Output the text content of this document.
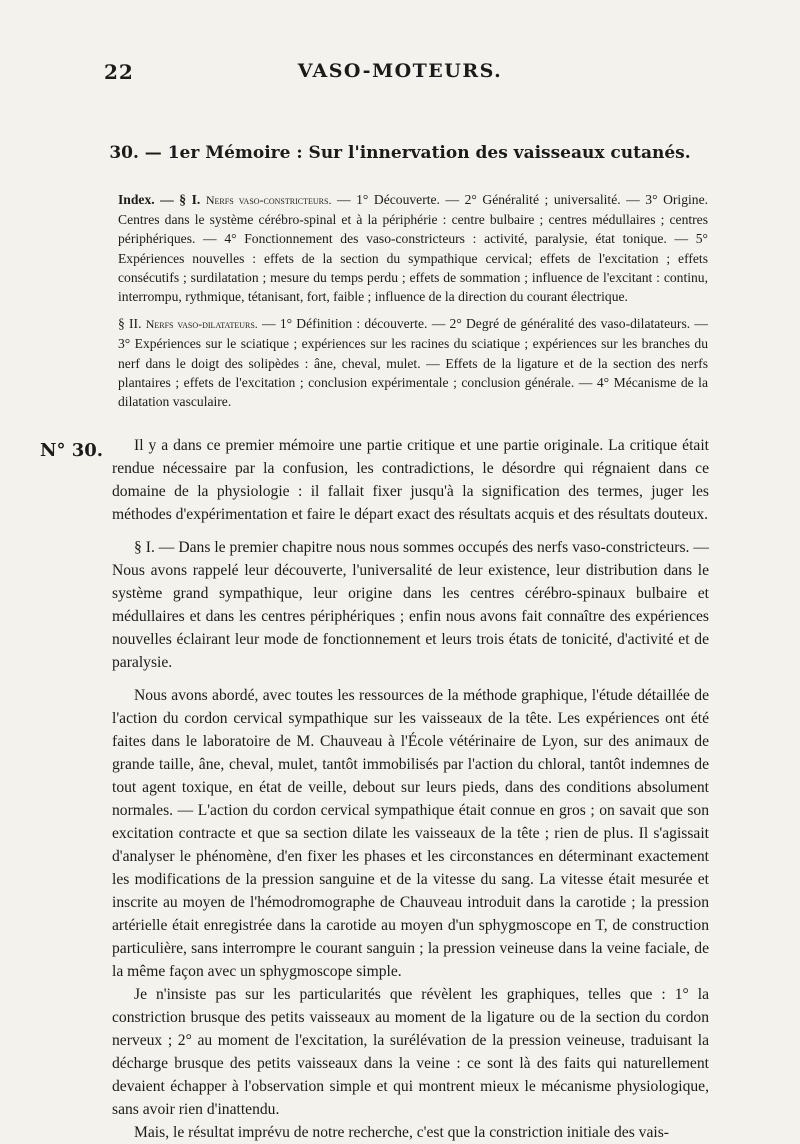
22	VASO-MOTEURS.
30. — 1er Mémoire : Sur l'innervation des vaisseaux cutanés.

Index. — § I. Nerfs vaso-constricteurs. — 1° Découverte. — 2° Généralité ; universalité. — 3° Origine. Centres dans le système cérébro-spinal et à la périphérie : centre bulbaire ; centres médullaires ; centres périphériques. — 4° Fonctionnement des vaso-constricteurs : activité, paralysie, état tonique. — 5° Expériences nouvelles : effets de la section du sympathique cervical; effets de l'excitation ; effets consécutifs ; surdilatation ; mesure du temps perdu ; effets de sommation ; influence de l'excitant : continu, interrompu, rythmique, tétanisant, fort, faible ; influence de la direction du courant électrique.

§ II. Nerfs vaso-dilatateurs. — 1° Définition : découverte. — 2° Degré de généralité des vaso-dilatateurs. — 3° Expériences sur le sciatique ; expériences sur les racines du sciatique ; expériences sur les branches du nerf dans le doigt des solipèdes : âne, cheval, mulet. — Effets de la ligature et de la section des nerfs plantaires ; effets de l'excitation ; conclusion expérimentale ; conclusion générale. — 4° Mécanisme de la dilatation vasculaire.

N° 30.	Il y a dans ce premier mémoire une partie critique et une partie originale. La critique était rendue nécessaire par la confusion, les contradictions, le désordre qui régnaient dans ce domaine de la physiologie : il fallait fixer jusqu'à la signification des termes, juger les méthodes d'expérimentation et faire le départ exact des résultats acquis et des résultats douteux.

§ I. — Dans le premier chapitre nous nous sommes occupés des nerfs vaso-constricteurs. — Nous avons rappelé leur découverte, l'universalité de leur existence, leur distribution dans le système grand sympathique, leur origine dans les centres cérébro-spinaux bulbaire et médullaires et dans les centres périphériques ; enfin nous avons fait connaître des expériences nouvelles éclairant leur mode de fonctionnement et leurs trois états de tonicité, d'activité et de paralysie.

Nous avons abordé, avec toutes les ressources de la méthode graphique, l'étude détaillée de l'action du cordon cervical sympathique sur les vaisseaux de la tête. Les expériences ont été faites dans le laboratoire de M. Chauveau à l'École vétérinaire de Lyon, sur des animaux de grande taille, âne, cheval, mulet, tantôt immobilisés par l'action du chloral, tantôt indemnes de tout agent toxique, en état de veille, debout sur leurs pieds, dans des conditions absolument normales. — L'action du cordon cervical sympathique était connue en gros ; on savait que son excitation contracte et que sa section dilate les vaisseaux de la tête ; rien de plus. Il s'agissait d'analyser le phénomène, d'en fixer les phases et les circonstances en déterminant exactement les modifications de la pression sanguine et de la vitesse du sang. La vitesse était mesurée et inscrite au moyen de l'hémodromographe de Chauveau introduit dans la carotide ; la pression artérielle était enregistrée dans la carotide au moyen d'un sphygmoscope en T, de construction particulière, sans interrompre le courant sanguin ; la pression veineuse dans la veine faciale, de la même façon avec un sphygmoscope simple.

Je n'insiste pas sur les particularités que révèlent les graphiques, telles que : 1° la constriction brusque des petits vaisseaux au moment de la ligature ou de la section du cordon nerveux ; 2° au moment de l'excitation, la surélévation de la pression veineuse, traduisant la décharge brusque des petits vaisseaux dans la veine : ce sont là des faits qui naturellement devaient échapper à l'observation simple et qui montrent mieux le mécanisme physiologique, sans avoir rien d'inattendu.

Mais, le résultat imprévu de notre recherche, c'est que la constriction initiale des vais-
